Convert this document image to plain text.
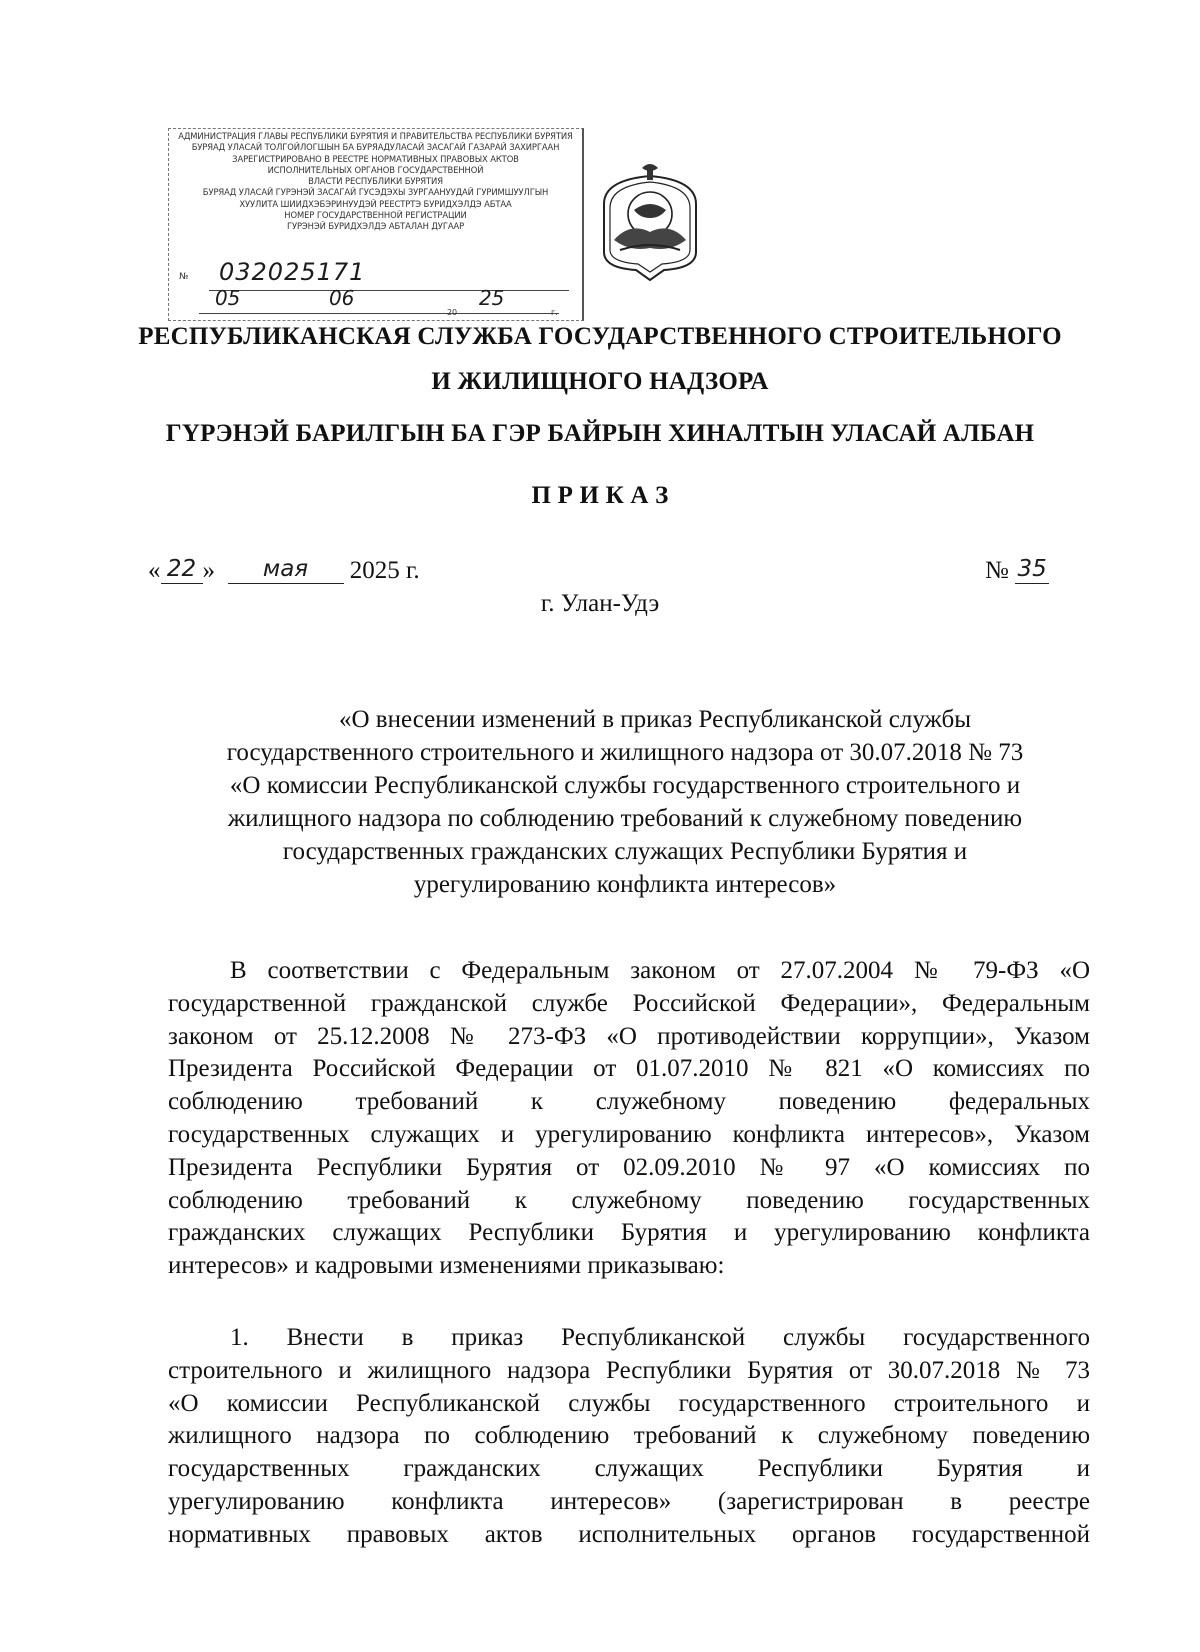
АДМИНИСТРАЦИЯ ГЛАВЫ РЕСПУБЛИКИ БУРЯТИЯ И ПРАВИТЕЛЬСТВА РЕСПУБЛИКИ БУРЯТИЯ
БУРЯАД УЛАСАЙ ТОЛГОЙЛОГШЫН БА БУРЯАДУЛАСАЙ ЗАСАГАЙ ГАЗАРАЙ ЗАХИРГААН
ЗАРЕГИСТРИРОВАНО В РЕЕСТРЕ НОРМАТИВНЫХ ПРАВОВЫХ АКТОВ
ИСПОЛНИТЕЛЬНЫХ ОРГАНОВ ГОСУДАРСТВЕННОЙ
ВЛАСТИ РЕСПУБЛИКИ БУРЯТИЯ
БУРЯАД УЛАСАЙ ГУРЭНЭЙ ЗАСАГАЙ ГУСЭДЭХЫ ЗУРГААНУУДАЙ ГУРИМШУУЛГЫН
ХУУЛИТА ШИИДХЭБЭРИНУУДЭЙ РЕЕСТРТЭ БУРИДХЭЛДЭ АБТАА
НОМЕР ГОСУДАРСТВЕННОЙ РЕГИСТРАЦИИ
ГУРЭНЭЙ БУРИДХЭЛДЭ АБТАЛАН ДУГААР
№ 032025171
05	06
20
25
г.
РЕСПУБЛИКАНСКАЯ СЛУЖБА ГОСУДАРСТВЕННОГО СТРОИТЕЛЬНОГО
И ЖИЛИЩНОГО НАДЗОРА
ГҮРЭНЭЙ БАРИЛГЫН БА ГЭР БАЙРЫН ХИНАЛТЫН УЛАСАЙ АЛБАН
П Р И К А З
« 22 » мая 2025 г.	№ 35
г. Улан-Удэ
«О внесении изменений в приказ Республиканской службы
государственного строительного и жилищного надзора от 30.07.2018 № 73
«О комиссии Республиканской службы государственного строительного и
жилищного надзора по соблюдению требований к служебному поведению
государственных гражданских служащих Республики Бурятия и
урегулированию конфликта интересов»
В соответствии с Федеральным законом от 27.07.2004 № 79-ФЗ «О
государственной гражданской службе Российской Федерации», Федеральным
законом от 25.12.2008 № 273-ФЗ «О противодействии коррупции», Указом
Президента Российской Федерации от 01.07.2010 № 821 «О комиссиях по
соблюдению требований к служебному поведению федеральных
государственных служащих и урегулированию конфликта интересов», Указом
Президента Республики Бурятия от 02.09.2010 № 97 «О комиссиях по
соблюдению требований к служебному поведению государственных
гражданских служащих Республики Бурятия и урегулированию конфликта
интересов» и кадровыми изменениями приказываю:
1. Внести в приказ Республиканской службы государственного
строительного и жилищного надзора Республики Бурятия от 30.07.2018 № 73
«О комиссии Республиканской службы государственного строительного и
жилищного надзора по соблюдению требований к служебному поведению
государственных гражданских служащих Республики Бурятия и
урегулированию конфликта интересов» (зарегистрирован в реестре
нормативных правовых актов исполнительных органов государственной
